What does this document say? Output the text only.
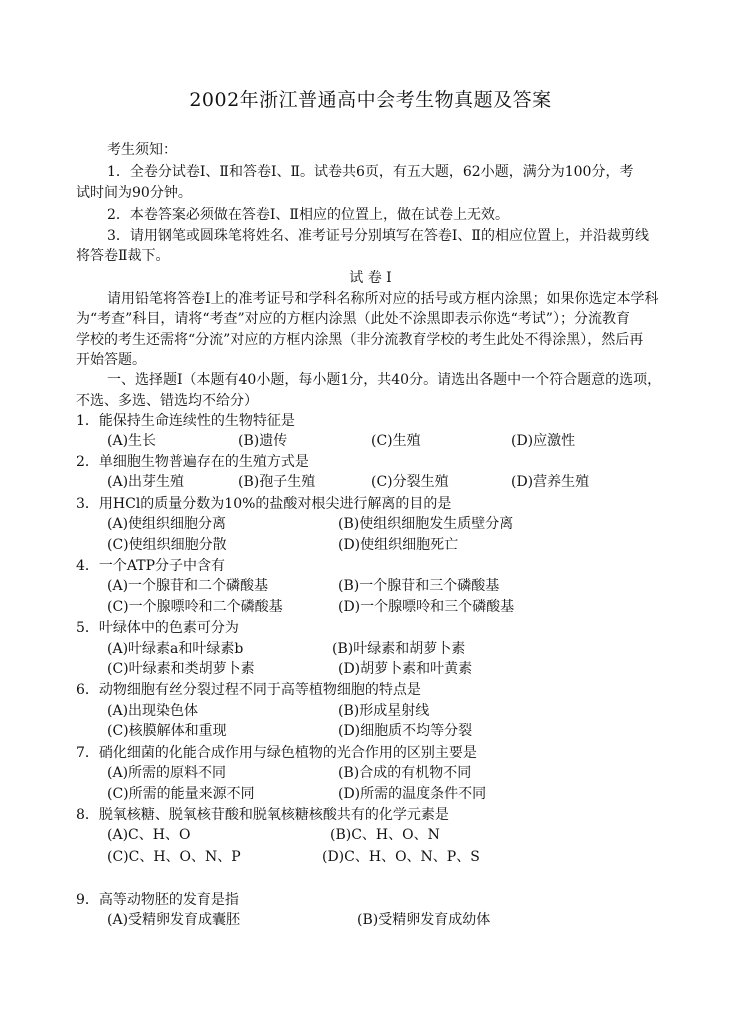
2002年浙江普通高中会考生物真题及答案
考生须知：
1．全卷分试卷Ⅰ、Ⅱ和答卷Ⅰ、Ⅱ。试卷共6页，有五大题，62小题，满分为100分，考
试时间为90分钟。
2．本卷答案必须做在答卷Ⅰ、Ⅱ相应的位置上，做在试卷上无效。
3．请用钢笔或圆珠笔将姓名、准考证号分别填写在答卷Ⅰ、Ⅱ的相应位置上，并沿裁剪线
将答卷Ⅱ裁下。
试 卷 Ⅰ
请用铅笔将答卷Ⅰ上的准考证号和学科名称所对应的括号或方框内涂黑；如果你选定本学科
为“考查”科目，请将“考查”对应的方框内涂黑（此处不涂黑即表示你选“考试”）；分流教育
学校的考生还需将“分流”对应的方框内涂黑（非分流教育学校的考生此处不得涂黑），然后再
开始答题。
一、选择题Ⅰ（本题有40小题，每小题1分，共40分。请选出各题中一个符合题意的选项，
不选、多选、错选均不给分）
1．能保持生命连续性的生物特征是
(A)生长	(B)遗传	(C)生殖	(D)应激性
2．单细胞生物普遍存在的生殖方式是
(A)出芽生殖	(B)孢子生殖	(C)分裂生殖	(D)营养生殖
3．用HCl的质量分数为10%的盐酸对根尖进行解离的目的是
(A)使组织细胞分离	(B)使组织细胞发生质壁分离
(C)使组织细胞分散	(D)使组织细胞死亡
4．一个ATP分子中含有
(A)一个腺苷和二个磷酸基	(B)一个腺苷和三个磷酸基
(C)一个腺嘌呤和二个磷酸基	(D)一个腺嘌呤和三个磷酸基
5．叶绿体中的色素可分为
(A)叶绿素a和叶绿素b	(B)叶绿素和胡萝卜素
(C)叶绿素和类胡萝卜素	(D)胡萝卜素和叶黄素
6．动物细胞有丝分裂过程不同于高等植物细胞的特点是
(A)出现染色体	(B)形成星射线
(C)核膜解体和重现	(D)细胞质不均等分裂
7．硝化细菌的化能合成作用与绿色植物的光合作用的区别主要是
(A)所需的原料不同	(B)合成的有机物不同
(C)所需的能量来源不同	(D)所需的温度条件不同
8．脱氧核糖、脱氧核苷酸和脱氧核糖核酸共有的化学元素是
(A)C、H、O	(B)C、H、O、N
(C)C、H、O、N、P	(D)C、H、O、N、P、S
9．高等动物胚的发育是指
(A)受精卵发育成囊胚	(B)受精卵发育成幼体
